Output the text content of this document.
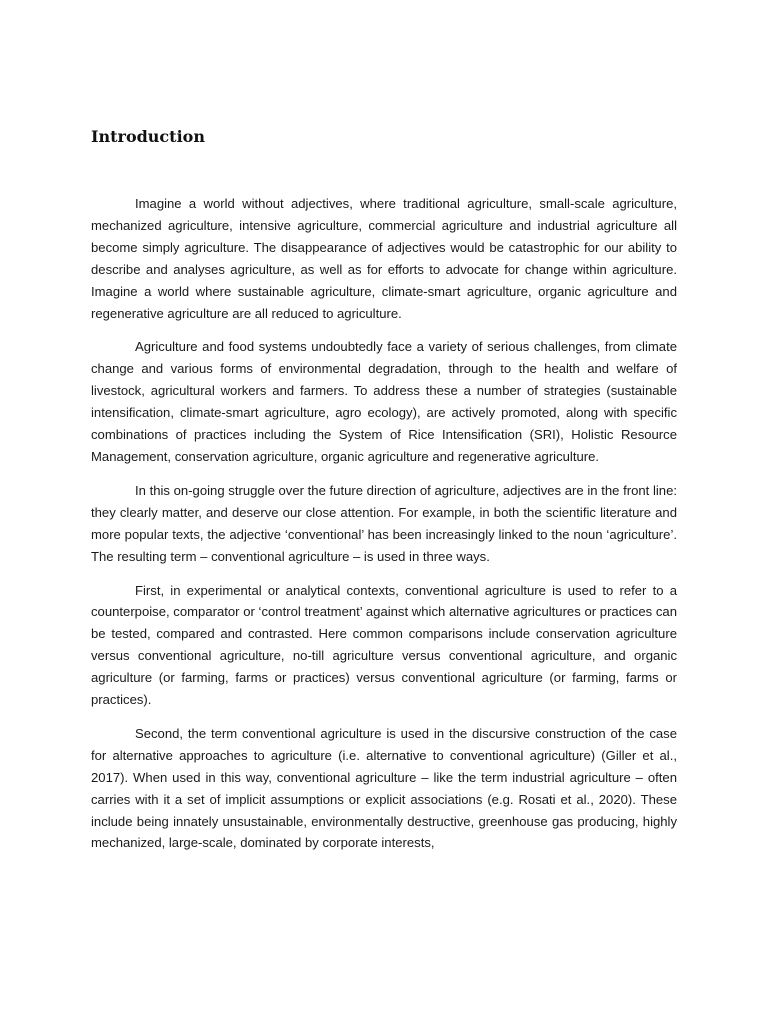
Introduction

Imagine a world without adjectives, where traditional agriculture, small-scale agriculture, mechanized agriculture, intensive agriculture, commercial agriculture and industrial agriculture all become simply agriculture. The disappearance of adjectives would be catastrophic for our ability to describe and analyses agriculture, as well as for efforts to advocate for change within agriculture. Imagine a world where sustainable agriculture, climate-smart agriculture, organic agriculture and regenerative agriculture are all reduced to agriculture.

Agriculture and food systems undoubtedly face a variety of serious challenges, from climate change and various forms of environmental degradation, through to the health and welfare of livestock, agricultural workers and farmers. To address these a number of strategies (sustainable intensification, climate-smart agriculture, agro ecology), are actively promoted, along with specific combinations of practices including the System of Rice Intensification (SRI), Holistic Resource Management, conservation agriculture, organic agriculture and regenerative agriculture.

In this on-going struggle over the future direction of agriculture, adjectives are in the front line: they clearly matter, and deserve our close attention. For example, in both the scientific literature and more popular texts, the adjective ‘conventional’ has been increasingly linked to the noun ‘agriculture’. The resulting term – conventional agriculture – is used in three ways.

First, in experimental or analytical contexts, conventional agriculture is used to refer to a counterpoise, comparator or ‘control treatment’ against which alternative agricultures or practices can be tested, compared and contrasted. Here common comparisons include conservation agriculture versus conventional agriculture, no-till agriculture versus conventional agriculture, and organic agriculture (or farming, farms or practices) versus conventional agriculture (or farming, farms or practices).

Second, the term conventional agriculture is used in the discursive construction of the case for alternative approaches to agriculture (i.e. alternative to conventional agriculture) (Giller et al., 2017). When used in this way, conventional agriculture – like the term industrial agriculture – often carries with it a set of implicit assumptions or explicit associations (e.g. Rosati et al., 2020). These include being innately unsustainable, environmentally destructive, greenhouse gas producing, highly mechanized, large-scale, dominated by corporate interests,
